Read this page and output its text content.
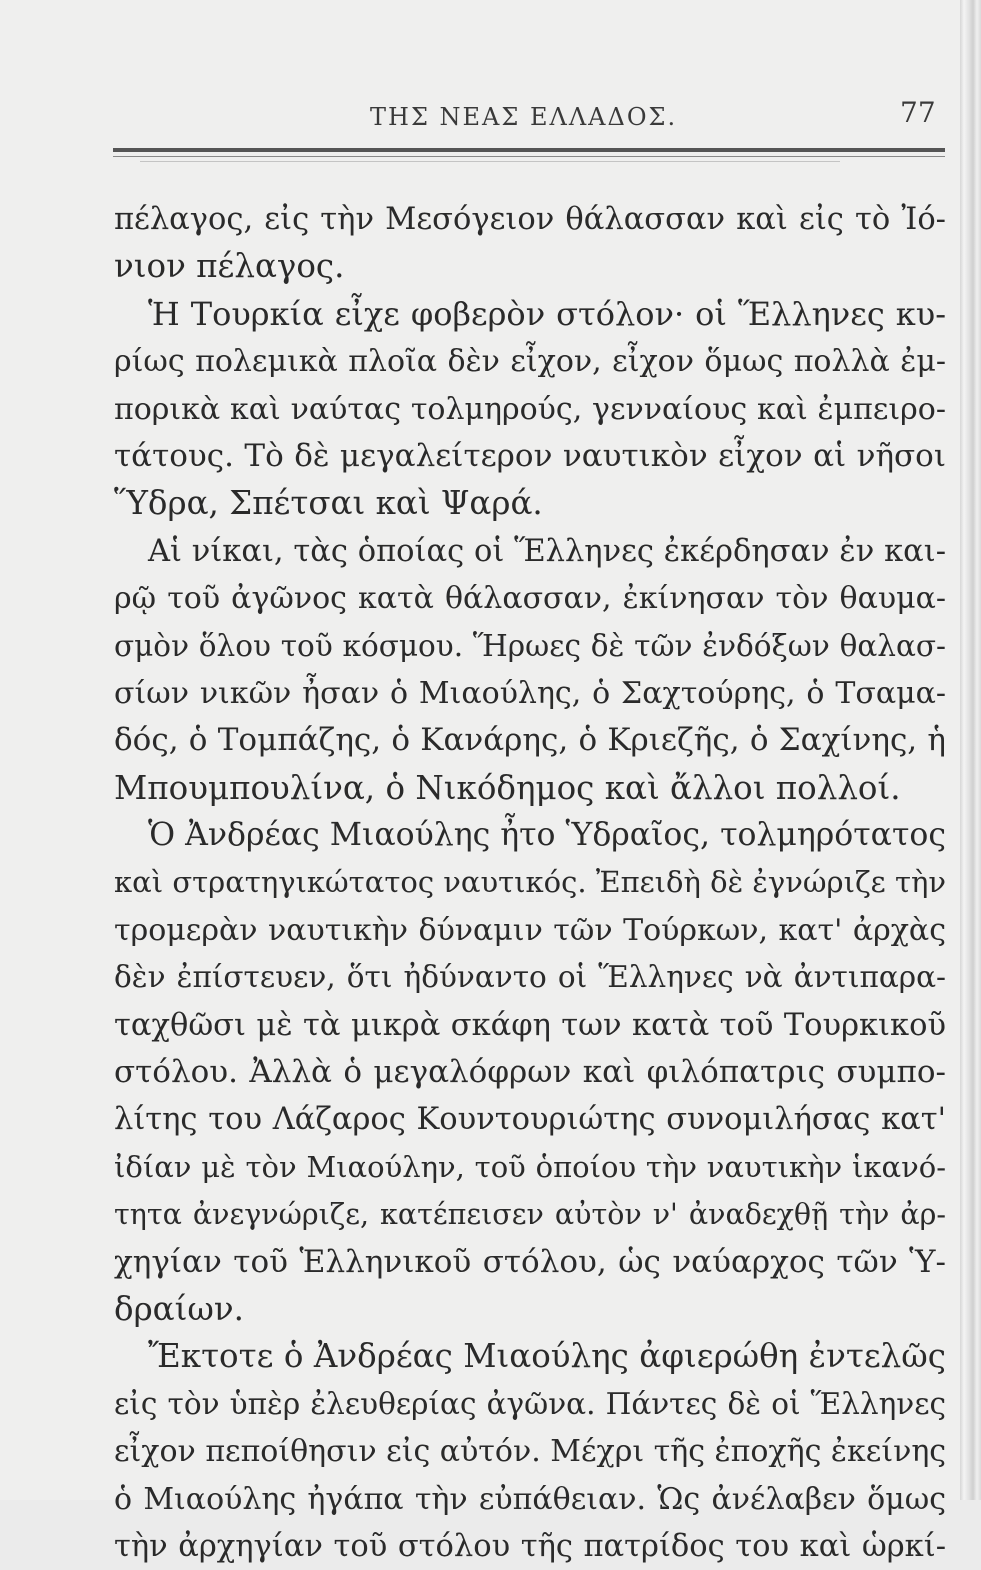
ΤΗΣ ΝΕΑΣ ΕΛΛΑΔΟΣ.	77
πέλαγος, εἰς τὴν Μεσόγειον θάλασσαν καὶ εἰς τὸ Ἰό-
νιον πέλαγος.
Ἡ Τουρκία εἶχε φοβερὸν στόλον· οἱ Ἕλληνες κυ-
ρίως πολεμικὰ πλοῖα δὲν εἶχον, εἶχον ὅμως πολλὰ ἐμ-
πορικὰ καὶ ναύτας τολμηρούς, γενναίους καὶ ἐμπειρο-
τάτους. Τὸ δὲ μεγαλείτερον ναυτικὸν εἶχον αἱ νῆσοι
Ὕδρα, Σπέτσαι καὶ Ψαρά.
Αἱ νίκαι, τὰς ὁποίας οἱ Ἕλληνες ἐκέρδησαν ἐν και-
ρῷ τοῦ ἀγῶνος κατὰ θάλασσαν, ἐκίνησαν τὸν θαυμα-
σμὸν ὅλου τοῦ κόσμου. Ἥρωες δὲ τῶν ἐνδόξων θαλασ-
σίων νικῶν ἦσαν ὁ Μιαούλης, ὁ Σαχτούρης, ὁ Τσαμα-
δός, ὁ Τομπάζης, ὁ Κανάρης, ὁ Κριεζῆς, ὁ Σαχίνης, ἡ
Μπουμπουλίνα, ὁ Νικόδημος καὶ ἄλλοι πολλοί.
Ὁ Ἀνδρέας Μιαούλης ἦτο Ὑδραῖος, τολμηρότατος
καὶ στρατηγικώτατος ναυτικός. Ἐπειδὴ δὲ ἐγνώριζε τὴν
τρομερὰν ναυτικὴν δύναμιν τῶν Τούρκων, κατ' ἀρχὰς
δὲν ἐπίστευεν, ὅτι ἠδύναντο οἱ Ἕλληνες νὰ ἀντιπαρα-
ταχθῶσι μὲ τὰ μικρὰ σκάφη των κατὰ τοῦ Τουρκικοῦ
στόλου. Ἀλλὰ ὁ μεγαλόφρων καὶ φιλόπατρις συμπο-
λίτης του Λάζαρος Κουντουριώτης συνομιλήσας κατ'
ἰδίαν μὲ τὸν Μιαούλην, τοῦ ὁποίου τὴν ναυτικὴν ἱκανό-
τητα ἀνεγνώριζε, κατέπεισεν αὐτὸν ν' ἀναδεχθῇ τὴν ἀρ-
χηγίαν τοῦ Ἑλληνικοῦ στόλου, ὡς ναύαρχος τῶν Ὑ-
δραίων.
Ἔκτοτε ὁ Ἀνδρέας Μιαούλης ἀφιερώθη ἐντελῶς
εἰς τὸν ὑπὲρ ἐλευθερίας ἀγῶνα. Πάντες δὲ οἱ Ἕλληνες
εἶχον πεποίθησιν εἰς αὐτόν. Μέχρι τῆς ἐποχῆς ἐκείνης
ὁ Μιαούλης ἠγάπα τὴν εὐπάθειαν. Ὡς ἀνέλαβεν ὅμως
τὴν ἀρχηγίαν τοῦ στόλου τῆς πατρίδος του καὶ ὡρκί-
